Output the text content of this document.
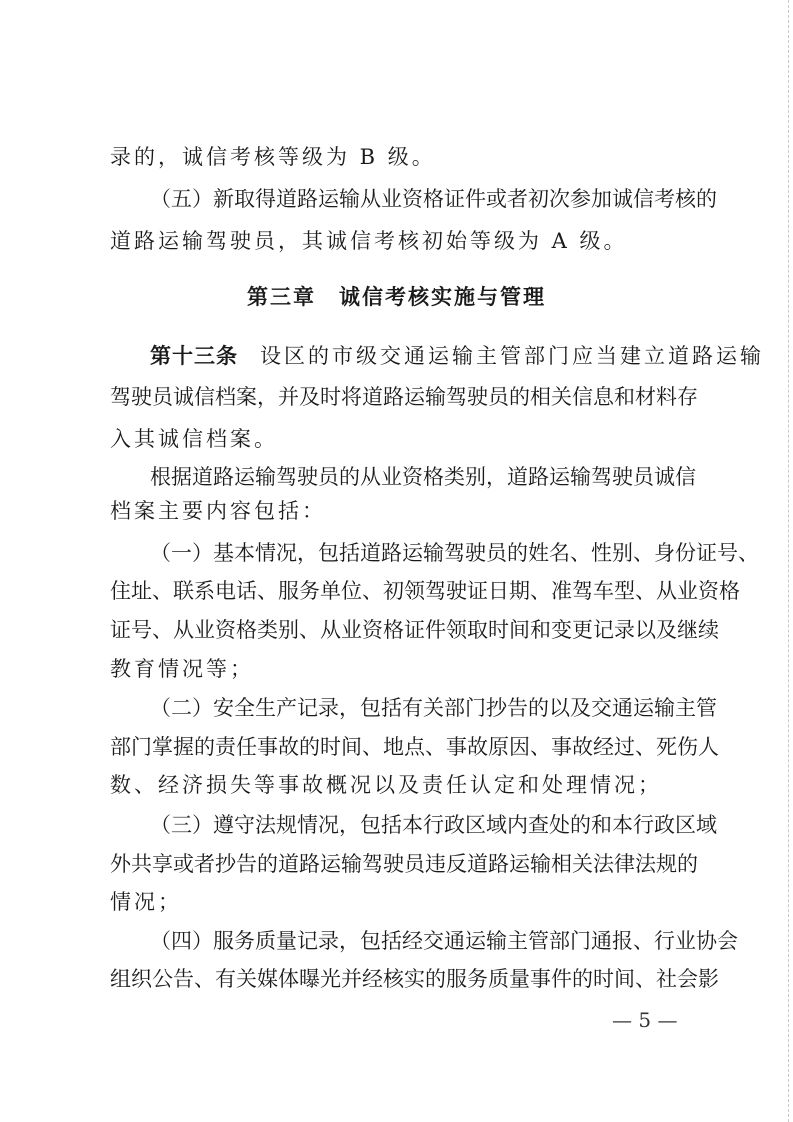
录的，诚信考核等级为 B 级。
（五）新取得道路运输从业资格证件或者初次参加诚信考核的
道路运输驾驶员，其诚信考核初始等级为 A 级。
第三章　诚信考核实施与管理
第十三条 设区的市级交通运输主管部门应当建立道路运输
驾驶员诚信档案，并及时将道路运输驾驶员的相关信息和材料存
入其诚信档案。
根据道路运输驾驶员的从业资格类别，道路运输驾驶员诚信
档案主要内容包括：
（一）基本情况，包括道路运输驾驶员的姓名、性别、身份证号、
住址、联系电话、服务单位、初领驾驶证日期、准驾车型、从业资格
证号、从业资格类别、从业资格证件领取时间和变更记录以及继续
教育情况等；
（二）安全生产记录，包括有关部门抄告的以及交通运输主管
部门掌握的责任事故的时间、地点、事故原因、事故经过、死伤人
数、经济损失等事故概况以及责任认定和处理情况；
（三）遵守法规情况，包括本行政区域内查处的和本行政区域
外共享或者抄告的道路运输驾驶员违反道路运输相关法律法规的
情况；
（四）服务质量记录，包括经交通运输主管部门通报、行业协会
组织公告、有关媒体曝光并经核实的服务质量事件的时间、社会影
— 5 —
